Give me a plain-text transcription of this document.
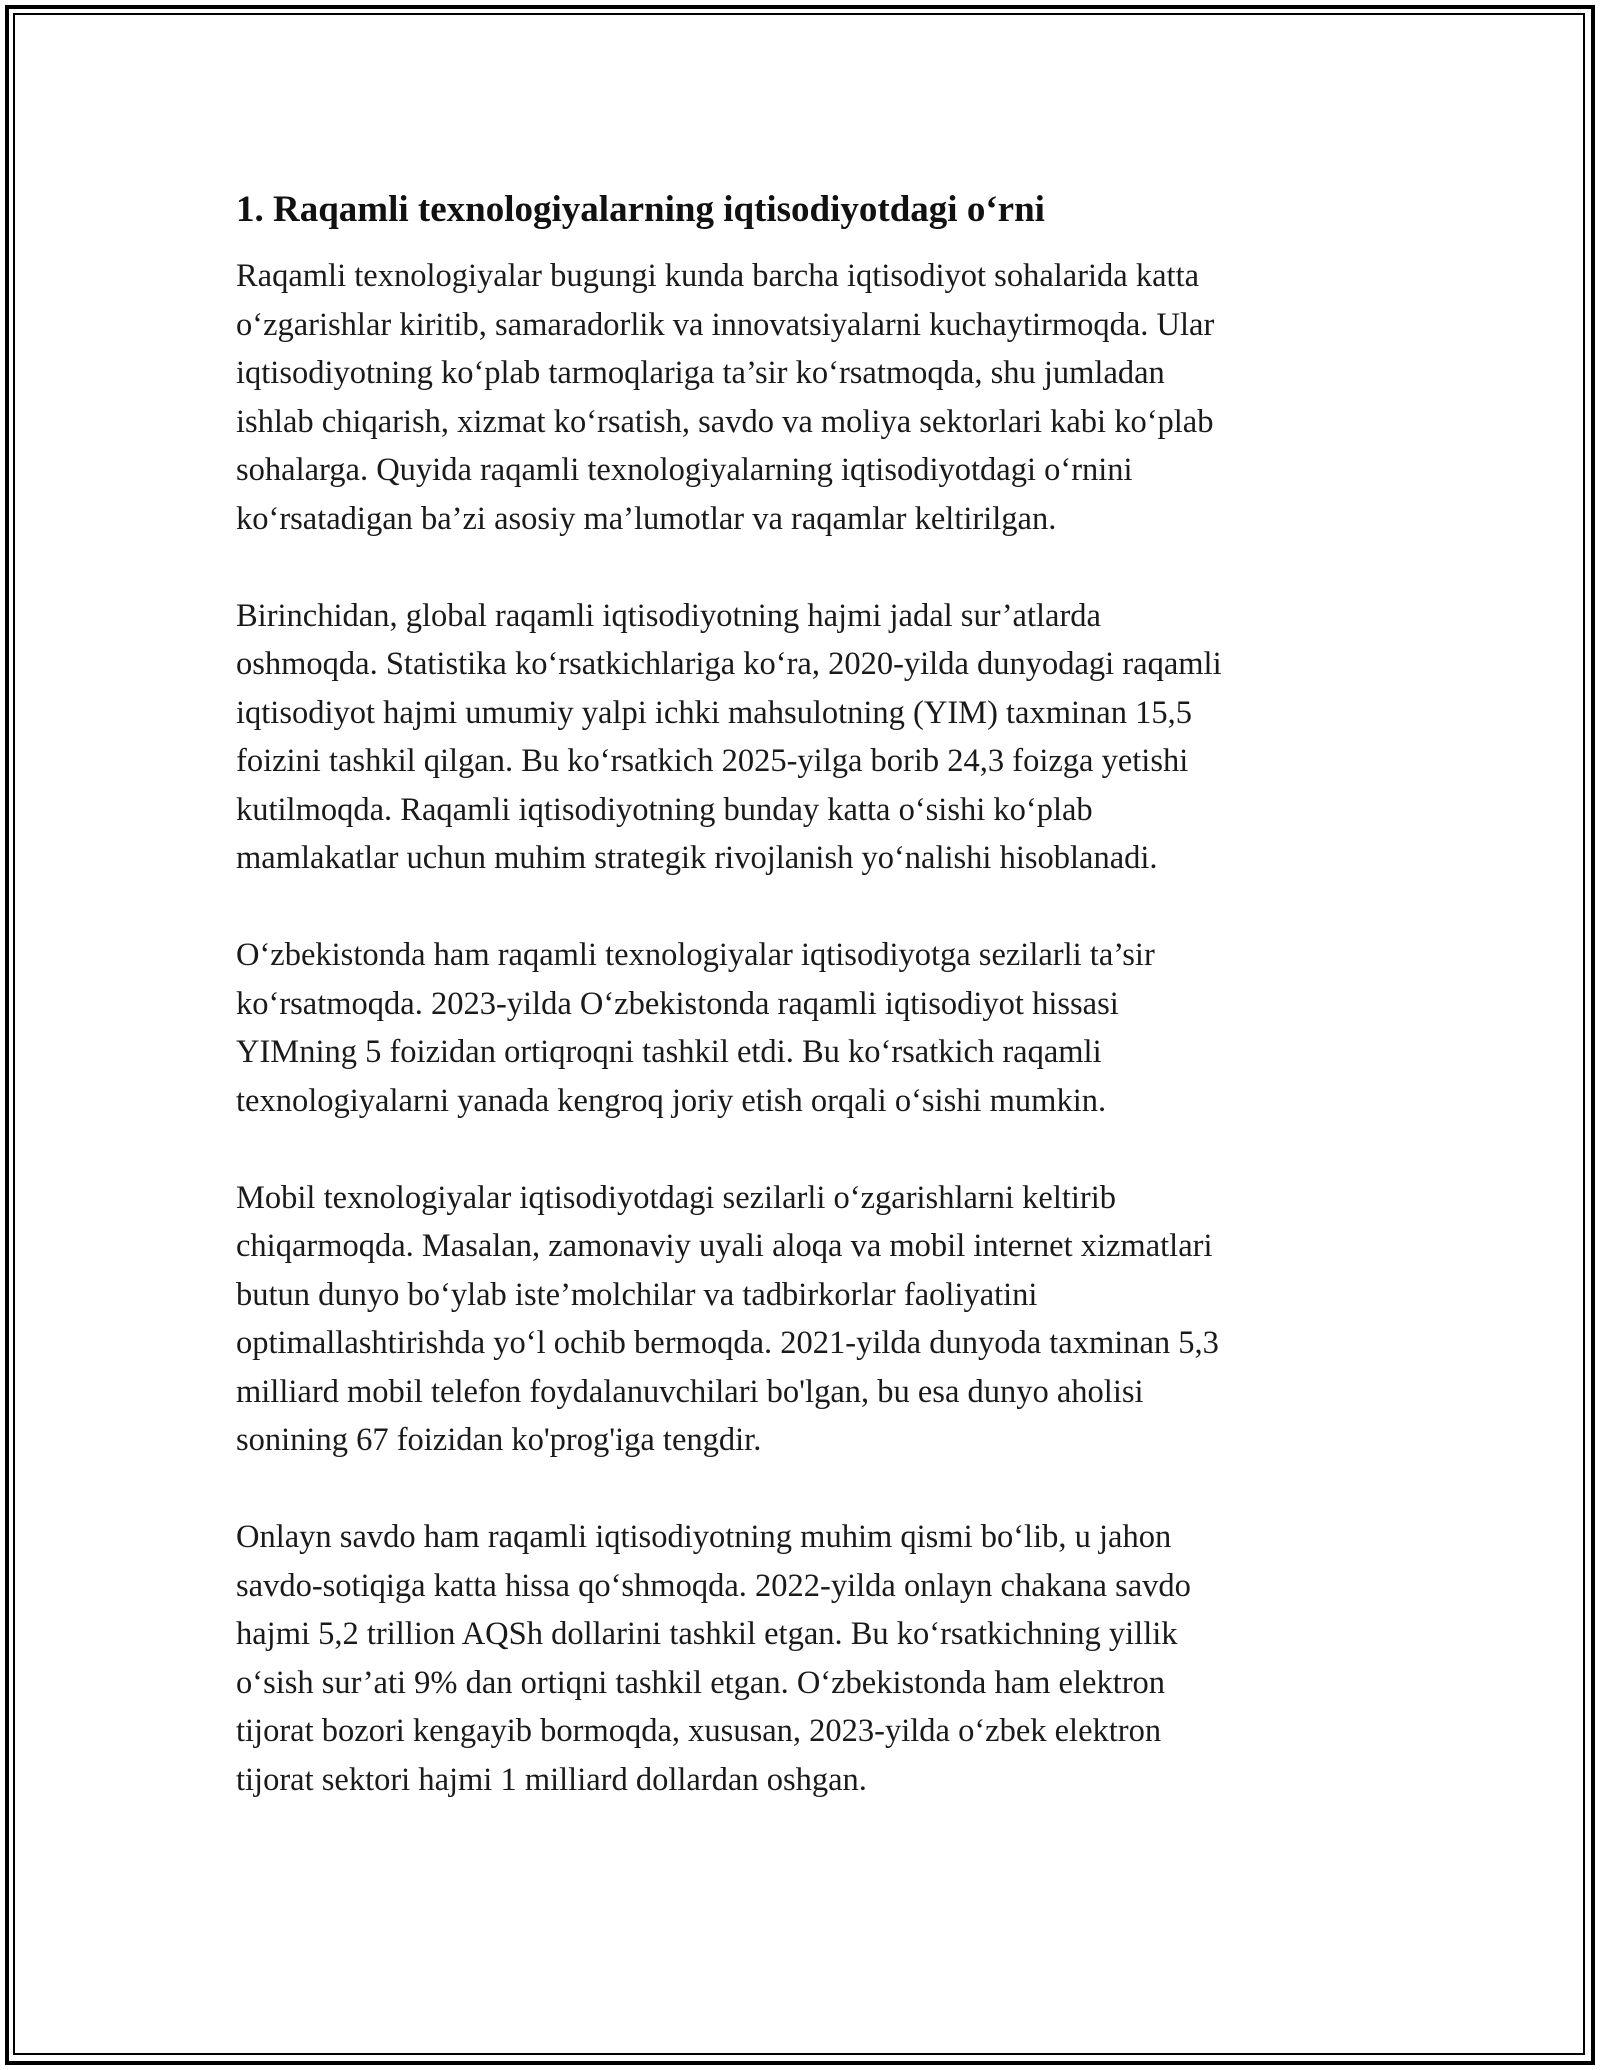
1. Raqamli texnologiyalarning iqtisodiyotdagi o‘rni

Raqamli texnologiyalar bugungi kunda barcha iqtisodiyot sohalarida katta
o‘zgarishlar kiritib, samaradorlik va innovatsiyalarni kuchaytirmoqda. Ular
iqtisodiyotning ko‘plab tarmoqlariga ta’sir ko‘rsatmoqda, shu jumladan
ishlab chiqarish, xizmat ko‘rsatish, savdo va moliya sektorlari kabi ko‘plab
sohalarga. Quyida raqamli texnologiyalarning iqtisodiyotdagi o‘rnini
ko‘rsatadigan ba’zi asosiy ma’lumotlar va raqamlar keltirilgan.

Birinchidan, global raqamli iqtisodiyotning hajmi jadal sur’atlarda
oshmoqda. Statistika ko‘rsatkichlariga ko‘ra, 2020-yilda dunyodagi raqamli
iqtisodiyot hajmi umumiy yalpi ichki mahsulotning (YIM) taxminan 15,5
foizini tashkil qilgan. Bu ko‘rsatkich 2025-yilga borib 24,3 foizga yetishi
kutilmoqda. Raqamli iqtisodiyotning bunday katta o‘sishi ko‘plab
mamlakatlar uchun muhim strategik rivojlanish yo‘nalishi hisoblanadi.

O‘zbekistonda ham raqamli texnologiyalar iqtisodiyotga sezilarli ta’sir
ko‘rsatmoqda. 2023-yilda O‘zbekistonda raqamli iqtisodiyot hissasi
YIMning 5 foizidan ortiqroqni tashkil etdi. Bu ko‘rsatkich raqamli
texnologiyalarni yanada kengroq joriy etish orqali o‘sishi mumkin.

Mobil texnologiyalar iqtisodiyotdagi sezilarli o‘zgarishlarni keltirib
chiqarmoqda. Masalan, zamonaviy uyali aloqa va mobil internet xizmatlari
butun dunyo bo‘ylab iste’molchilar va tadbirkorlar faoliyatini
optimallashtirishda yo‘l ochib bermoqda. 2021-yilda dunyoda taxminan 5,3
milliard mobil telefon foydalanuvchilari bo'lgan, bu esa dunyo aholisi
sonining 67 foizidan ko'prog'iga tengdir.

Onlayn savdo ham raqamli iqtisodiyotning muhim qismi bo‘lib, u jahon
savdo-sotiqiga katta hissa qo‘shmoqda. 2022-yilda onlayn chakana savdo
hajmi 5,2 trillion AQSh dollarini tashkil etgan. Bu ko‘rsatkichning yillik
o‘sish sur’ati 9% dan ortiqni tashkil etgan. O‘zbekistonda ham elektron
tijorat bozori kengayib bormoqda, xususan, 2023-yilda o‘zbek elektron
tijorat sektori hajmi 1 milliard dollardan oshgan.
